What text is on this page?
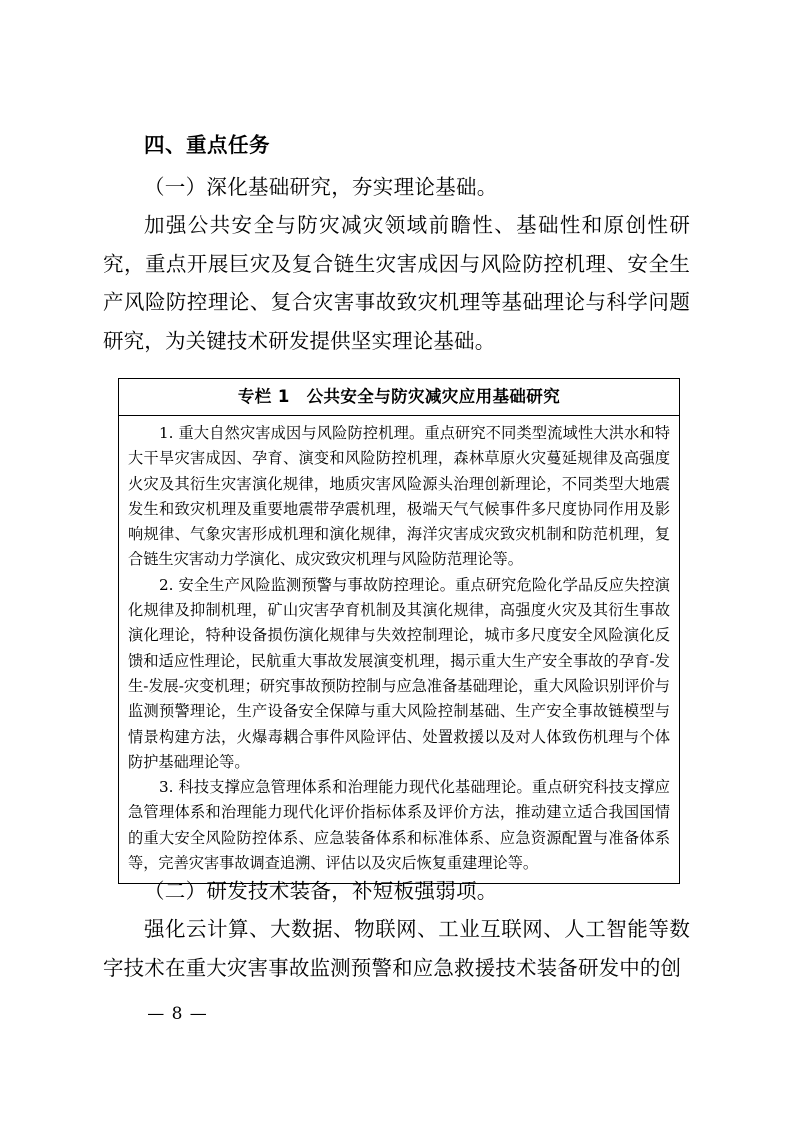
四、重点任务

（一）深化基础研究，夯实理论基础。

加强公共安全与防灾减灾领域前瞻性、基础性和原创性研究，重点开展巨灾及复合链生灾害成因与风险防控机理、安全生产风险防控理论、复合灾害事故致灾机理等基础理论与科学问题研究，为关键技术研发提供坚实理论基础。

专栏 1　公共安全与防灾减灾应用基础研究

1. 重大自然灾害成因与风险防控机理。重点研究不同类型流域性大洪水和特大干旱灾害成因、孕育、演变和风险防控机理，森林草原火灾蔓延规律及高强度火灾及其衍生灾害演化规律，地质灾害风险源头治理创新理论，不同类型大地震发生和致灾机理及重要地震带孕震机理，极端天气气候事件多尺度协同作用及影响规律、气象灾害形成机理和演化规律，海洋灾害成灾致灾机制和防范机理，复合链生灾害动力学演化、成灾致灾机理与风险防范理论等。

2. 安全生产风险监测预警与事故防控理论。重点研究危险化学品反应失控演化规律及抑制机理，矿山灾害孕育机制及其演化规律，高强度火灾及其衍生事故演化理论，特种设备损伤演化规律与失效控制理论，城市多尺度安全风险演化反馈和适应性理论，民航重大事故发展演变机理，揭示重大生产安全事故的孕育-发生-发展-灾变机理；研究事故预防控制与应急准备基础理论，重大风险识别评价与监测预警理论，生产设备安全保障与重大风险控制基础、生产安全事故链模型与情景构建方法，火爆毒耦合事件风险评估、处置救援以及对人体致伤机理与个体防护基础理论等。

3. 科技支撑应急管理体系和治理能力现代化基础理论。重点研究科技支撑应急管理体系和治理能力现代化评价指标体系及评价方法，推动建立适合我国国情的重大安全风险防控体系、应急装备体系和标准体系、应急资源配置与准备体系等，完善灾害事故调查追溯、评估以及灾后恢复重建理论等。

（二）研发技术装备，补短板强弱项。

强化云计算、大数据、物联网、工业互联网、人工智能等数字技术在重大灾害事故监测预警和应急救援技术装备研发中的创

— 8 —
